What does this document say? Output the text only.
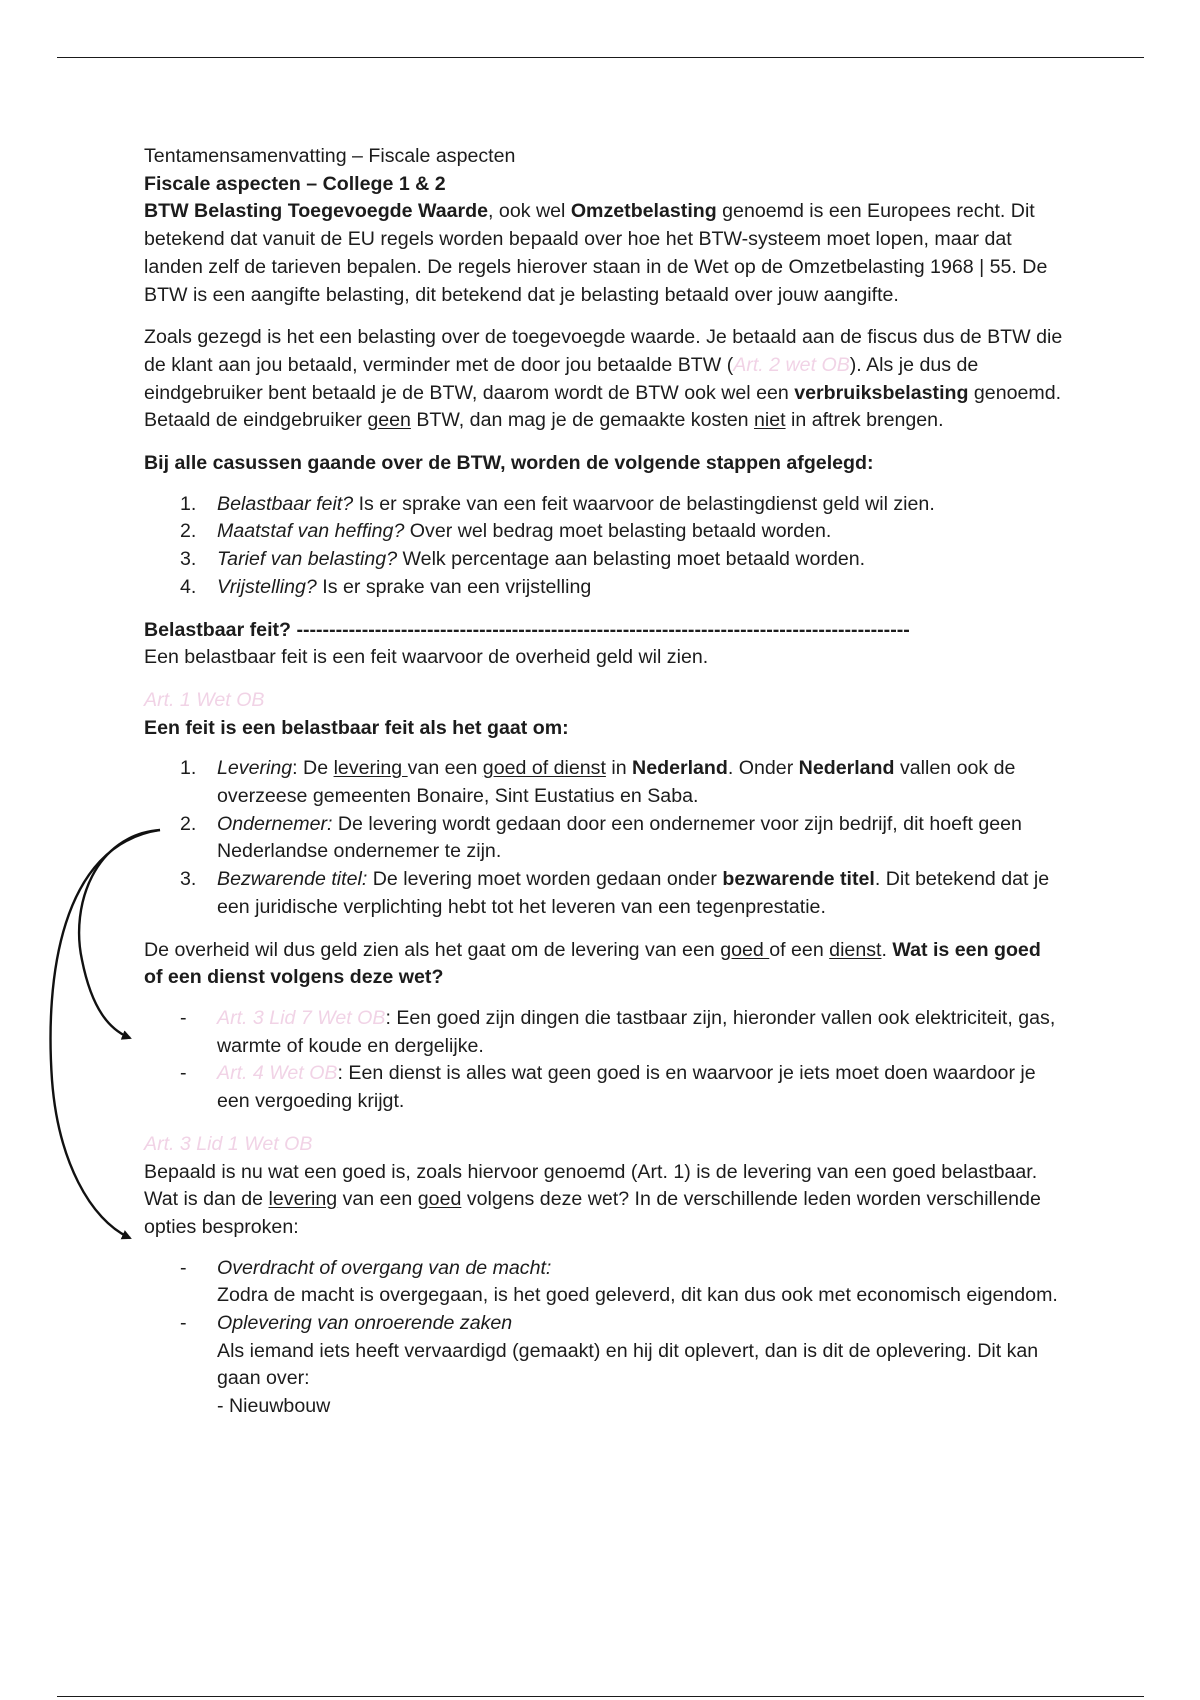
Tentamensamenvatting – Fiscale aspecten

Fiscale aspecten – College 1 & 2

BTW Belasting Toegevoegde Waarde, ook wel Omzetbelasting genoemd is een Europees recht. Dit betekend dat vanuit de EU regels worden bepaald over hoe het BTW-systeem moet lopen, maar dat landen zelf de tarieven bepalen. De regels hierover staan in de Wet op de Omzetbelasting 1968 | 55. De BTW is een aangifte belasting, dit betekend dat je belasting betaald over jouw aangifte.

Zoals gezegd is het een belasting over de toegevoegde waarde. Je betaald aan de fiscus dus de BTW die de klant aan jou betaald, verminder met de door jou betaalde BTW (Art. 2 wet OB). Als je dus de eindgebruiker bent betaald je de BTW, daarom wordt de BTW ook wel een verbruiksbelasting genoemd. Betaald de eindgebruiker geen BTW, dan mag je de gemaakte kosten niet in aftrek brengen.

Bij alle casussen gaande over de BTW, worden de volgende stappen afgelegd:

1. Belastbaar feit? Is er sprake van een feit waarvoor de belastingdienst geld wil zien.
2. Maatstaf van heffing? Over wel bedrag moet belasting betaald worden.
3. Tarief van belasting? Welk percentage aan belasting moet betaald worden.
4. Vrijstelling? Is er sprake van een vrijstelling

Belastbaar feit? ----------------------------------------------------------------------------------------------

Een belastbaar feit is een feit waarvoor de overheid geld wil zien.

Art. 1 Wet OB

Een feit is een belastbaar feit als het gaat om:

1. Levering: De levering van een goed of dienst in Nederland. Onder Nederland vallen ook de overzeese gemeenten Bonaire, Sint Eustatius en Saba.
2. Ondernemer: De levering wordt gedaan door een ondernemer voor zijn bedrijf, dit hoeft geen Nederlandse ondernemer te zijn.
3. Bezwarende titel: De levering moet worden gedaan onder bezwarende titel. Dit betekend dat je een juridische verplichting hebt tot het leveren van een tegenprestatie.

De overheid wil dus geld zien als het gaat om de levering van een goed of een dienst. Wat is een goed of een dienst volgens deze wet?

- Art. 3 Lid 7 Wet OB: Een goed zijn dingen die tastbaar zijn, hieronder vallen ook elektriciteit, gas, warmte of koude en dergelijke.
- Art. 4 Wet OB: Een dienst is alles wat geen goed is en waarvoor je iets moet doen waardoor je een vergoeding krijgt.

Art. 3 Lid 1 Wet OB

Bepaald is nu wat een goed is, zoals hiervoor genoemd (Art. 1) is de levering van een goed belastbaar. Wat is dan de levering van een goed volgens deze wet? In de verschillende leden worden verschillende opties besproken:

- Overdracht of overgang van de macht:
Zodra de macht is overgegaan, is het goed geleverd, dit kan dus ook met economisch eigendom.
- Oplevering van onroerende zaken
Als iemand iets heeft vervaardigd (gemaakt) en hij dit oplevert, dan is dit de oplevering. Dit kan gaan over:
- Nieuwbouw
